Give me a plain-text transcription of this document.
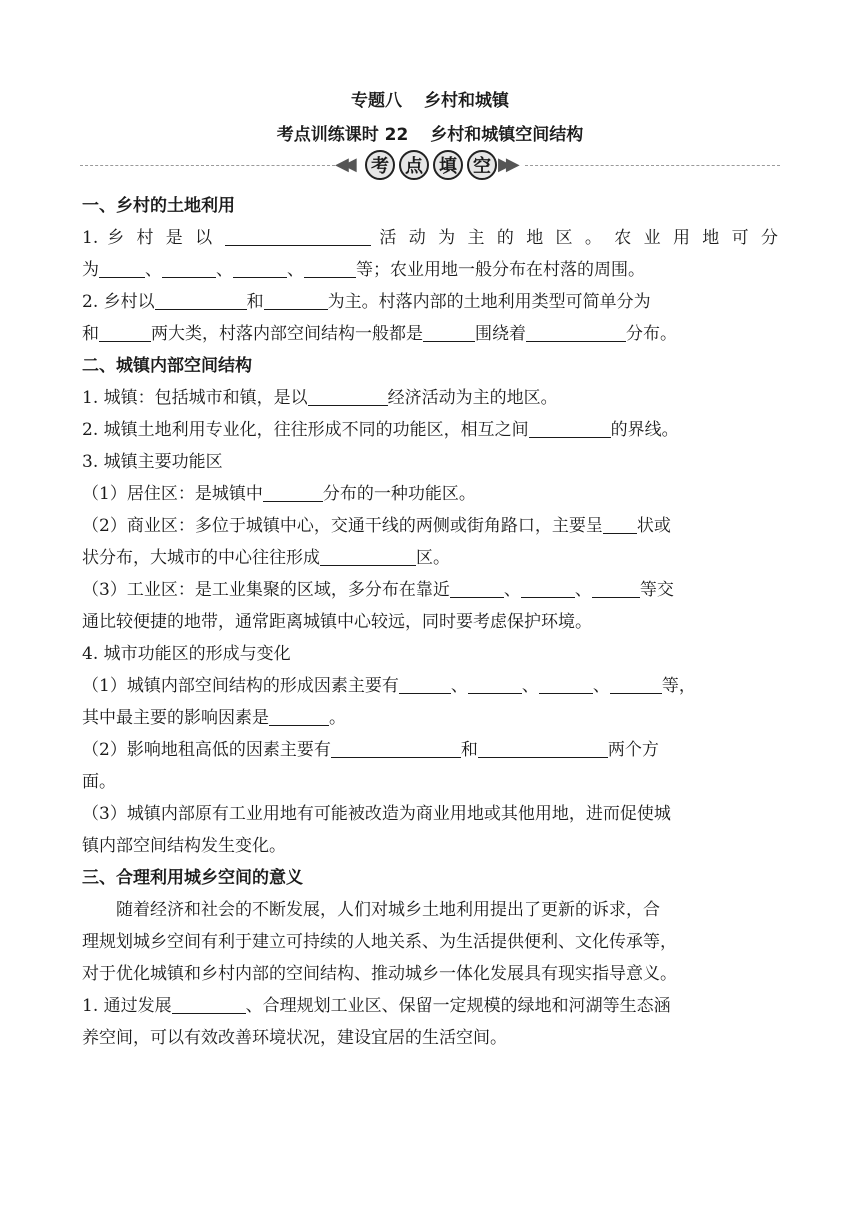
专题八 乡村和城镇
考点训练课时 22 乡村和城镇空间结构
◀◀	考 点 填 空 ▶▶
一、乡村的土地利用
1. 乡 村 是 以	活 动 为 主 的 地 区 。 农 业 用 地 可 分
为	、	、	、	等；农业用地一般分布在村落的周围。
2. 乡村以	和	为主。村落内部的土地利用类型可简单分为
和	两大类，村落内部空间结构一般都是	围绕着	分布。
二、城镇内部空间结构
1. 城镇：包括城市和镇，是以	经济活动为主的地区。
2. 城镇土地利用专业化，往往形成不同的功能区，相互之间	的界线。
3. 城镇主要功能区
（1）居住区：是城镇中	分布的一种功能区。
（2）商业区：多位于城镇中心，交通干线的两侧或街角路口，主要呈 状或
状分布，大城市的中心往往形成	区。
（3）工业区：是工业集聚的区域，多分布在靠近	、	、	等交
通比较便捷的地带，通常距离城镇中心较远，同时要考虑保护环境。
4. 城市功能区的形成与变化
（1）城镇内部空间结构的形成因素主要有	、	、	、	等，
其中最主要的影响因素是	。
（2）影响地租高低的因素主要有	和	两个方
面。
（3）城镇内部原有工业用地有可能被改造为商业用地或其他用地，进而促使城
镇内部空间结构发生变化。
三、合理利用城乡空间的意义
随着经济和社会的不断发展，人们对城乡土地利用提出了更新的诉求，合
理规划城乡空间有利于建立可持续的人地关系、为生活提供便利、文化传承等，
对于优化城镇和乡村内部的空间结构、推动城乡一体化发展具有现实指导意义。
1. 通过发展	、合理规划工业区、保留一定规模的绿地和河湖等生态涵
养空间，可以有效改善环境状况，建设宜居的生活空间。
